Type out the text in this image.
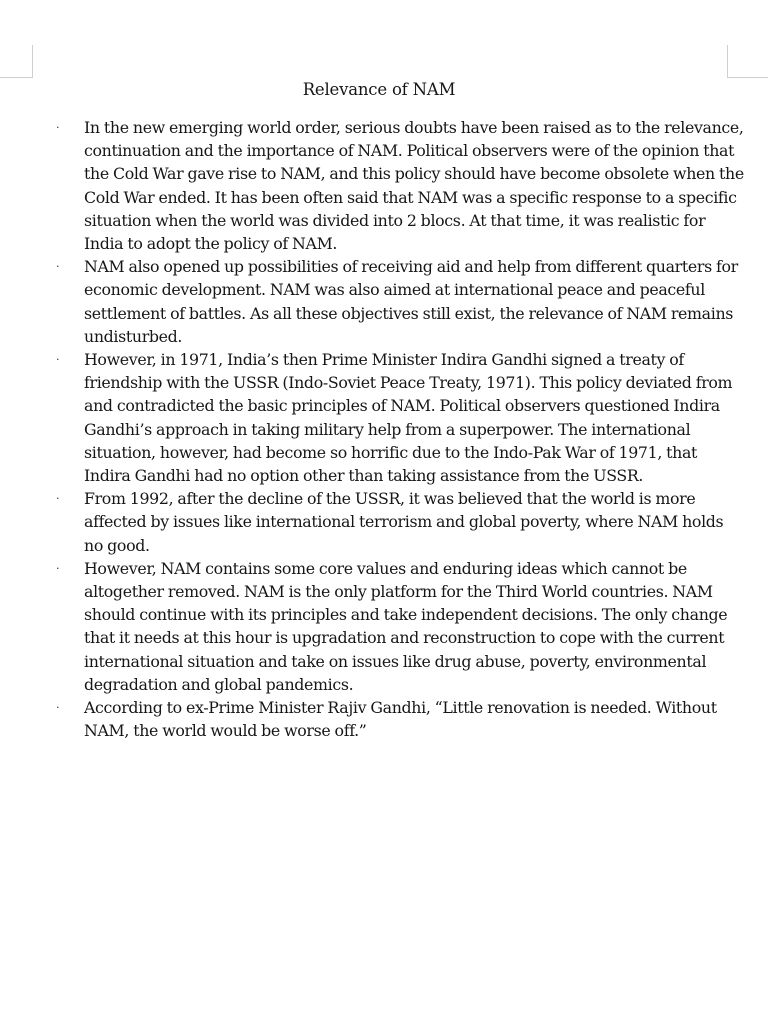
Relevance of NAM
·	In the new emerging world order, serious doubts have been raised as to the relevance, continuation and the importance of NAM. Political observers were of the opinion that the Cold War gave rise to NAM, and this policy should have become obsolete when the Cold War ended. It has been often said that NAM was a specific response to a specific situation when the world was divided into 2 blocs. At that time, it was realistic for India to adopt the policy of NAM.
·	NAM also opened up possibilities of receiving aid and help from different quarters for economic development. NAM was also aimed at international peace and peaceful settlement of battles. As all these objectives still exist, the relevance of NAM remains undisturbed.
·	However, in 1971, India’s then Prime Minister Indira Gandhi signed a treaty of friendship with the USSR (Indo-Soviet Peace Treaty, 1971). This policy deviated from and contradicted the basic principles of NAM. Political observers questioned Indira Gandhi’s approach in taking military help from a superpower. The international situation, however, had become so horrific due to the Indo-Pak War of 1971, that Indira Gandhi had no option other than taking assistance from the USSR.
·	From 1992, after the decline of the USSR, it was believed that the world is more affected by issues like international terrorism and global poverty, where NAM holds no good.
·	However, NAM contains some core values and enduring ideas which cannot be altogether removed. NAM is the only platform for the Third World countries. NAM should continue with its principles and take independent decisions. The only change that it needs at this hour is upgradation and reconstruction to cope with the current international situation and take on issues like drug abuse, poverty, environmental degradation and global pandemics.
·	According to ex-Prime Minister Rajiv Gandhi, “Little renovation is needed. Without NAM, the world would be worse off.”
